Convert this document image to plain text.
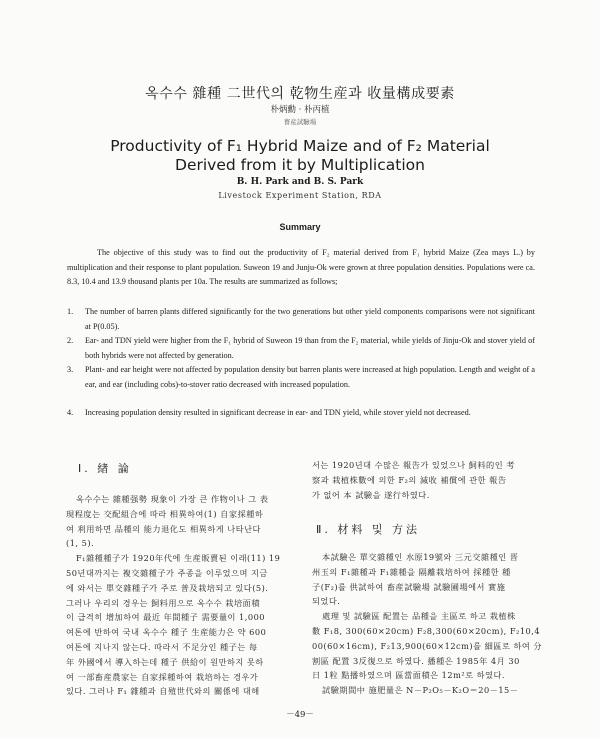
옥수수 雜種 二世代의 乾物生産과 收量構成要素
朴炳勳 · 朴丙植
畜産試驗場
Productivity of F₁ Hybrid Maize and of F₂ Material
Derived from it by Multiplication
B. H. Park and B. S. Park
Livestock Experiment Station, RDA
Summary
The objective of this study was to find out the productivity of F₂ material derived from F₁ hybrid Maize (Zea mays L.) by multiplication and their response to plant population. Suweon 19 and Junju-Ok were grown at three population densities. Populations were ca. 8.3, 10.4 and 13.9 thousand plants per 10a. The results are summarized as follows;
1. The number of barren plants differed significantly for the two generations but other yield components comparisons were not significant at P(0.05).
2. Ear- and TDN yield were higher from the F₁ hybrid of Suweon 19 than from the F₂ material, while yields of Jinju-Ok and stover yield of both hybrids were not affected by generation.
3. Plant- and ear height were not affected by population density but barren plants were increased at high population. Length and weight of a ear, and ear (including cobs)-to-stover ratio decreased with increased population.
4. Increasing population density resulted in significant decrease in ear- and TDN yield, while stover yield not decreased.
Ⅰ. 緖 論
옥수수는 雜種强勢 現象이 가장 큰 作物이나 그 表
現程度는 交配組合에 따라 相異하여(1) 自家採種하
여 利用하면 品種의 能力退化도 相異하게 나타난다
(1, 5).
F₁雜種種子가 1920年代에 生産販賣된 이래(11) 19
50년대까지는 複交雜種子가 주종을 이루었으며 지금
에 와서는 單交雜種子가 주로 普及栽培되고 있다(5).
그러나 우리의 경우는 飼料用으로 옥수수 栽培面積
이 급격히 增加하여 最近 年間種子 需要量이 1,000
여톤에 반하여 국내 옥수수 種子 生産能力은 약 600
여톤에 지나지 않는다. 따라서 不足分인 種子는 每
年 外國에서 導入하는데 種子 供給이 원만하지 못하
여 一部畜産農家는 自家採種하여 栽培하는 경우가
있다. 그러나 F₁ 雜種과 自殖世代와의 關係에 대해
서는 1920년대 수많은 報告가 있었으나 飼料的인 考
察과 栽植株數에 의한 F₂의 減收 補償에 관한 報告
가 없어 本 試驗을 遂行하였다.
Ⅱ. 材料 및 方法
本試驗은 單交雜種인 水原19號와 三元交雜種인 晋
州玉의 F₁雜種과 F₁雜種을 隔離栽培하여 採種한 種
子(F₂)를 供試하여 畜産試驗場 試驗圃場에서 實施
되었다.
處理 및 試驗區 配置는 品種을 主區로 하고 栽植株
數 F₁8, 300(60×20cm) F₂8,300(60×20cm), F₂10,4
00(60×16cm), F₂13,900(60×12cm)를 細區로 하여 分
割區 配置 3反復으로 하였다. 播種은 1985年 4月 30
日 1粒 點播하였으며 區當面積은 12m²로 하였다.
試驗期間中 施肥量은 N－P₂O₅－K₂O＝20－15－
－49－
